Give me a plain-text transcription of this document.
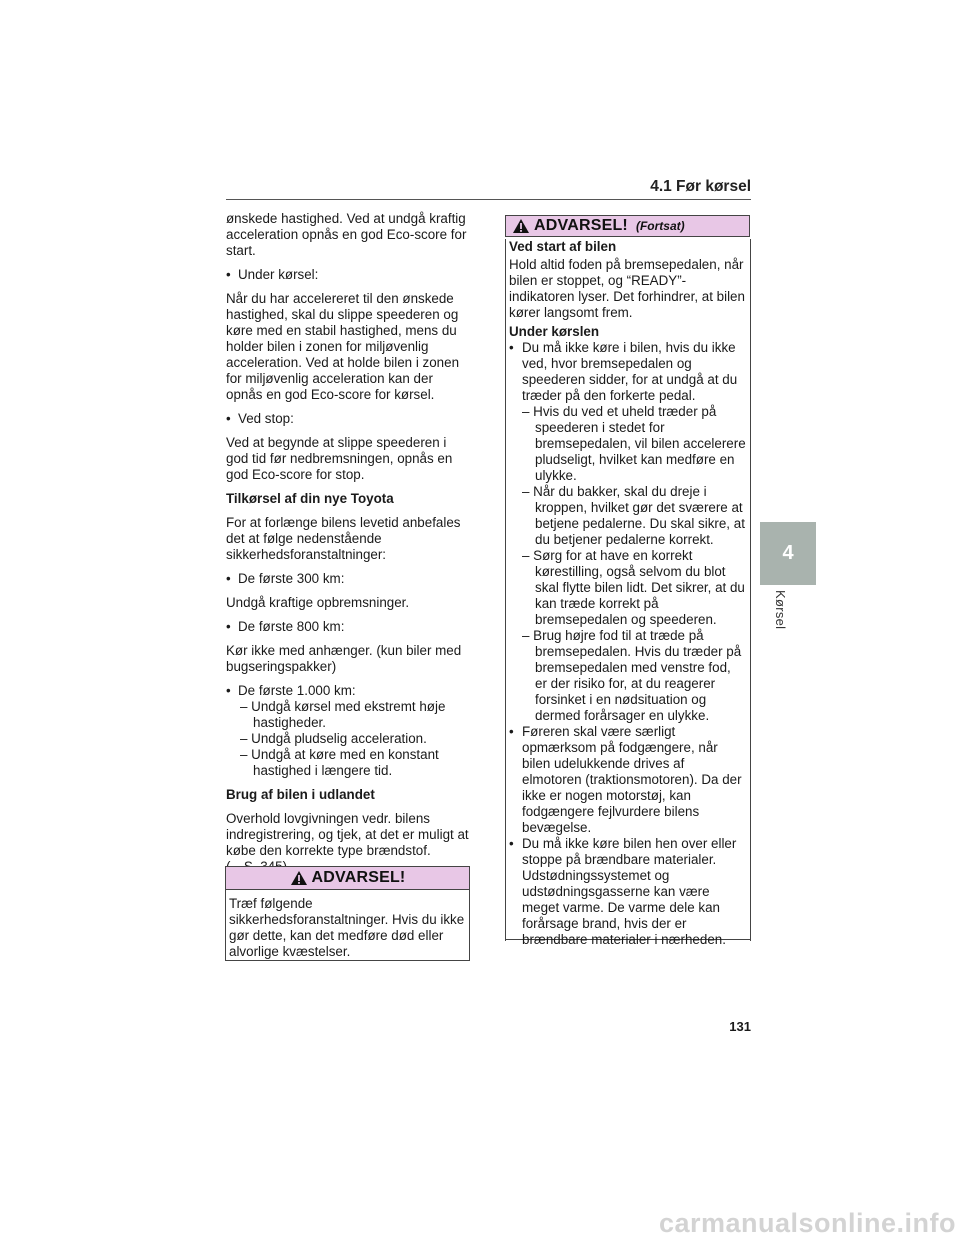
4.1 Før kørsel

ønskede hastighed. Ved at undgå kraftig acceleration opnås en god Eco-score for start.

• Under kørsel:

Når du har accelereret til den ønskede hastighed, skal du slippe speederen og køre med en stabil hastighed, mens du holder bilen i zonen for miljøvenlig acceleration. Ved at holde bilen i zonen for miljøvenlig acceleration kan der opnås en god Eco-score for kørsel.

• Ved stop:

Ved at begynde at slippe speederen i god tid før nedbremsningen, opnås en god Eco-score for stop.

Tilkørsel af din nye Toyota

For at forlænge bilens levetid anbefales det at følge nedenstående sikkerhedsforanstaltninger:

• De første 300 km:

Undgå kraftige opbremsninger.

• De første 800 km:

Kør ikke med anhænger. (kun biler med bugseringspakker)

• De første 1.000 km:
– Undgå kørsel med ekstremt høje hastigheder.
– Undgå pludselig acceleration.
– Undgå at køre med en konstant hastighed i længere tid.
Brug af bilen i udlandet

Overhold lovgivningen vedr. bilens indregistrering, og tjek, at det er muligt at købe den korrekte type brændstof.

ADVARSEL!
Træf følgende sikkerhedsforanstaltninger. Hvis du ikke gør dette, kan det medføre død eller alvorlige kvæstelser.
ADVARSEL! (Fortsat)
Ved start af bilen

Hold altid foden på bremsepedalen, når bilen er stoppet, og “READY”-indikatoren lyser. Det forhindrer, at bilen kører langsomt frem.

Under kørslen
• Du må ikke køre i bilen, hvis du ikke ved, hvor bremsepedalen og speederen sidder, for at undgå at du træder på den forkerte pedal.
– Hvis du ved et uheld træder på speederen i stedet for bremsepedalen, vil bilen accelerere pludseligt, hvilket kan medføre en ulykke.
– Når du bakker, skal du dreje i kroppen, hvilket gør det sværere at betjene pedalerne. Du skal sikre, at du betjener pedalerne korrekt.
– Sørg for at have en korrekt kørestilling, også selvom du blot skal flytte bilen lidt. Det sikrer, at du kan træde korrekt på bremsepedalen og speederen.
– Brug højre fod til at træde på bremsepedalen. Hvis du træder på bremsepedalen med venstre fod, er der risiko for, at du reagerer forsinket i en nødsituation og dermed forårsager en ulykke.
• Føreren skal være særligt opmærksom på fodgængere, når bilen udelukkende drives af elmotoren (traktionsmotoren). Da der ikke er nogen motorstøj, kan fodgængere fejlvurdere bilens bevægelse.
• Du må ikke køre bilen hen over eller stoppe på brændbare materialer. Udstødningssystemet og udstødningsgasserne kan være meget varme. De varme dele kan forårsage brand, hvis der er brændbare materialer i nærheden.
4
Kørsel
131
carmanualsonline.info
